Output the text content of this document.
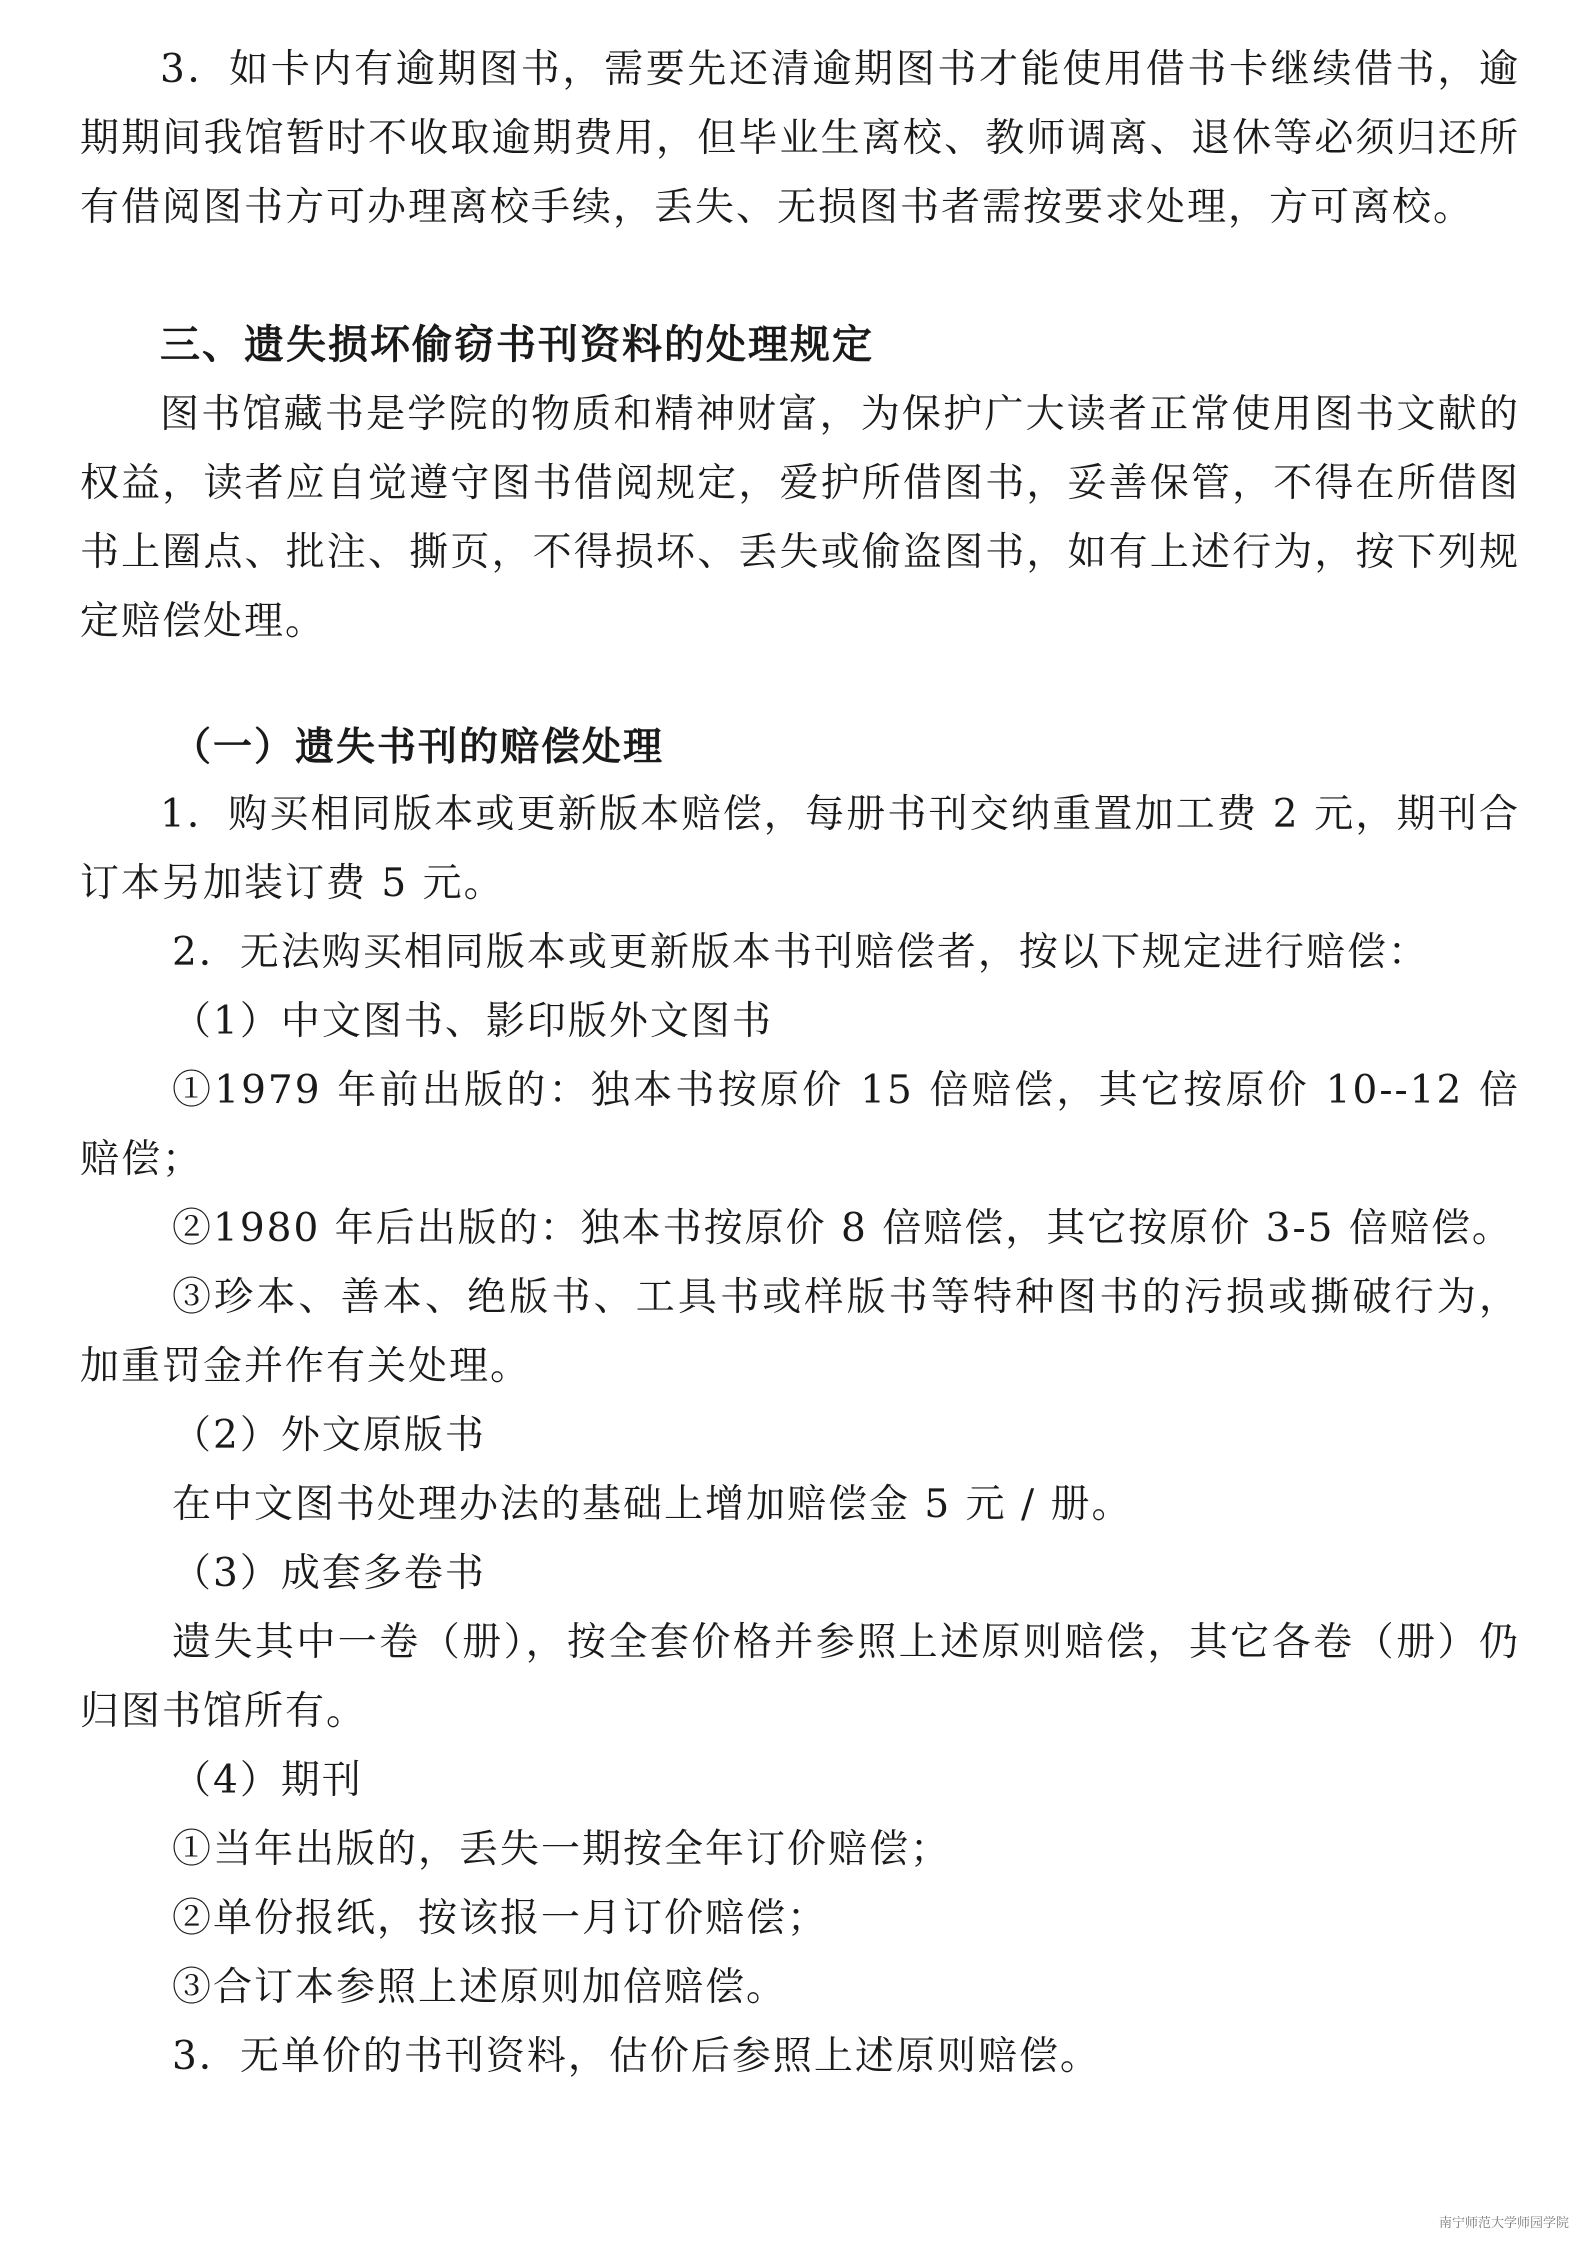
3．如卡内有逾期图书，需要先还清逾期图书才能使用借书卡继续借书，逾期期间我馆暂时不收取逾期费用，但毕业生离校、教师调离、退休等必须归还所有借阅图书方可办理离校手续，丢失、无损图书者需按要求处理，方可离校。

三、遗失损坏偷窃书刊资料的处理规定

图书馆藏书是学院的物质和精神财富，为保护广大读者正常使用图书文献的权益，读者应自觉遵守图书借阅规定，爱护所借图书，妥善保管，不得在所借图书上圈点、批注、撕页，不得损坏、丢失或偷盗图书，如有上述行为，按下列规定赔偿处理。

（一）遗失书刊的赔偿处理

1．购买相同版本或更新版本赔偿，每册书刊交纳重置加工费 2 元，期刊合订本另加装订费 5 元。

2．无法购买相同版本或更新版本书刊赔偿者，按以下规定进行赔偿：

（1）中文图书、影印版外文图书

①1979 年前出版的：独本书按原价 15 倍赔偿，其它按原价 10--12 倍赔偿；

②1980 年后出版的：独本书按原价 8 倍赔偿，其它按原价 3-5 倍赔偿。

③珍本、善本、绝版书、工具书或样版书等特种图书的污损或撕破行为，加重罚金并作有关处理。

（2）外文原版书

在中文图书处理办法的基础上增加赔偿金 5 元 / 册。

（3）成套多卷书

遗失其中一卷（册），按全套价格并参照上述原则赔偿，其它各卷（册）仍归图书馆所有。

（4）期刊

①当年出版的，丢失一期按全年订价赔偿；

②单份报纸，按该报一月订价赔偿；

③合订本参照上述原则加倍赔偿。

3．无单价的书刊资料，估价后参照上述原则赔偿。

南宁师范大学师园学院
